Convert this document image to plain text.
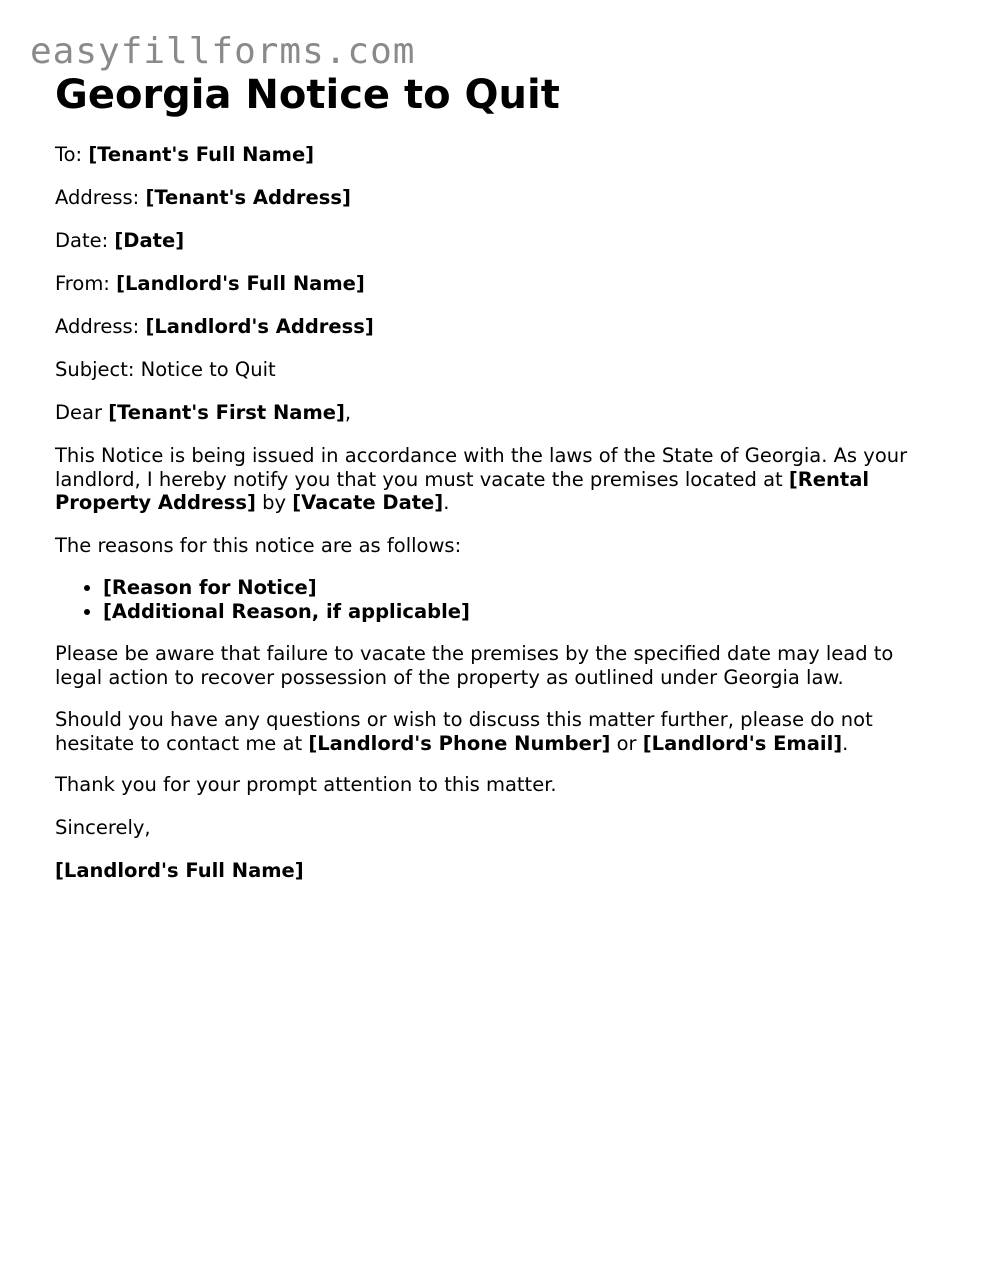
easyfillforms.com
Georgia Notice to Quit

To: [Tenant's Full Name]

Address: [Tenant's Address]

Date: [Date]

From: [Landlord's Full Name]

Address: [Landlord's Address]

Subject: Notice to Quit

Dear [Tenant's First Name],

This Notice is being issued in accordance with the laws of the State of Georgia. As your landlord, I hereby notify you that you must vacate the premises located at [Rental Property Address] by [Vacate Date].

The reasons for this notice are as follows:

• [Reason for Notice]
• [Additional Reason, if applicable]

Please be aware that failure to vacate the premises by the specified date may lead to legal action to recover possession of the property as outlined under Georgia law.

Should you have any questions or wish to discuss this matter further, please do not hesitate to contact me at [Landlord's Phone Number] or [Landlord's Email].

Thank you for your prompt attention to this matter.

Sincerely,

[Landlord's Full Name]
